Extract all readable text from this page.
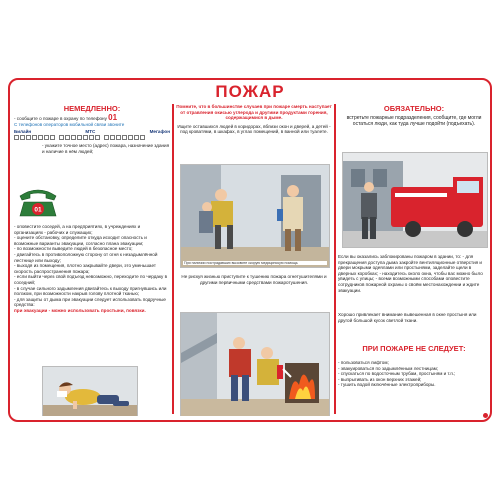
ПОЖАР
НЕМЕДЛЕННО:
- сообщите о пожаре в охрану по телефону 01
С телефонов операторов мобильной связи звоните
Билайн	МТС	Мегафон
- укажите точное место (адрес) пожара, назначение здания и наличие в нём людей;
01
- оповестите соседей, а на предприятиях, в учреждениях и организациях - рабочих и служащих;
- оцените обстановку, определите откуда исходит опасность и возможные варианты эвакуации, согласно плана эвакуации;
- по возможности выведите людей в безопасное место;
- двигайтесь в противоположную сторону от огня к незадымлённой лестнице или выходу;
- выходя из помещения, плотно закрывайте двери, это уменьшает скорость распространения пожара;
- если выйти через свой подъезд невозможно, переходите по чердаку в соседний;
- в случае сильного задымления двигайтесь к выходу пригнувшись или ползком, при возможности накрыв голову плотной тканью;
- для защиты от дыма при эвакуации следует использовать подручные средства:
при эвакуации - можно использовать простыни, повязки.
Помните, что в большинстве случаев при пожаре смерть наступает от отравления окисью углерода и другими продуктами горения, содержащимися в дыме.
Ищите оставшихся людей в коридорах, вблизи окон и дверей, а детей - под кроватями, в шкафах, в углах помещений, в ванной или туалете.
При наличии пострадавших вызовите скорую медицинскую помощь
Не рискуя жизнью приступите к тушению пожара огнетушителями и другими первичными средствами пожаротушения.
ОБЯЗАТЕЛЬНО:
встретьте пожарные подразделения, сообщите, где могли остаться люди, как туда лучше подойти (подъехать).
Если вы оказались заблокированы пожаром в здании, то: - для прекращения доступа дыма закройте вентиляционные отверстия и двери мокрыми одеялами или простынями, заделайте щели в дверных коробках; - находитесь около окна, чтобы вас можно было увидеть с улицы; - всеми возможными способами оповестите сотрудников пожарной охраны о своём местонахождении и ждите эвакуации.
Хорошо привлекает внимание вывешенная в окне простыня или другой большой кусок светлой ткани.
ПРИ ПОЖАРЕ НЕ СЛЕДУЕТ:
- пользоваться лифтом;
- эвакуироваться по задымлённым лестницам;
- спускаться по водосточным трубам, простыням и т.п.;
- выпрыгивать из окон верхних этажей;
- тушить водой включённые электроприборы.
